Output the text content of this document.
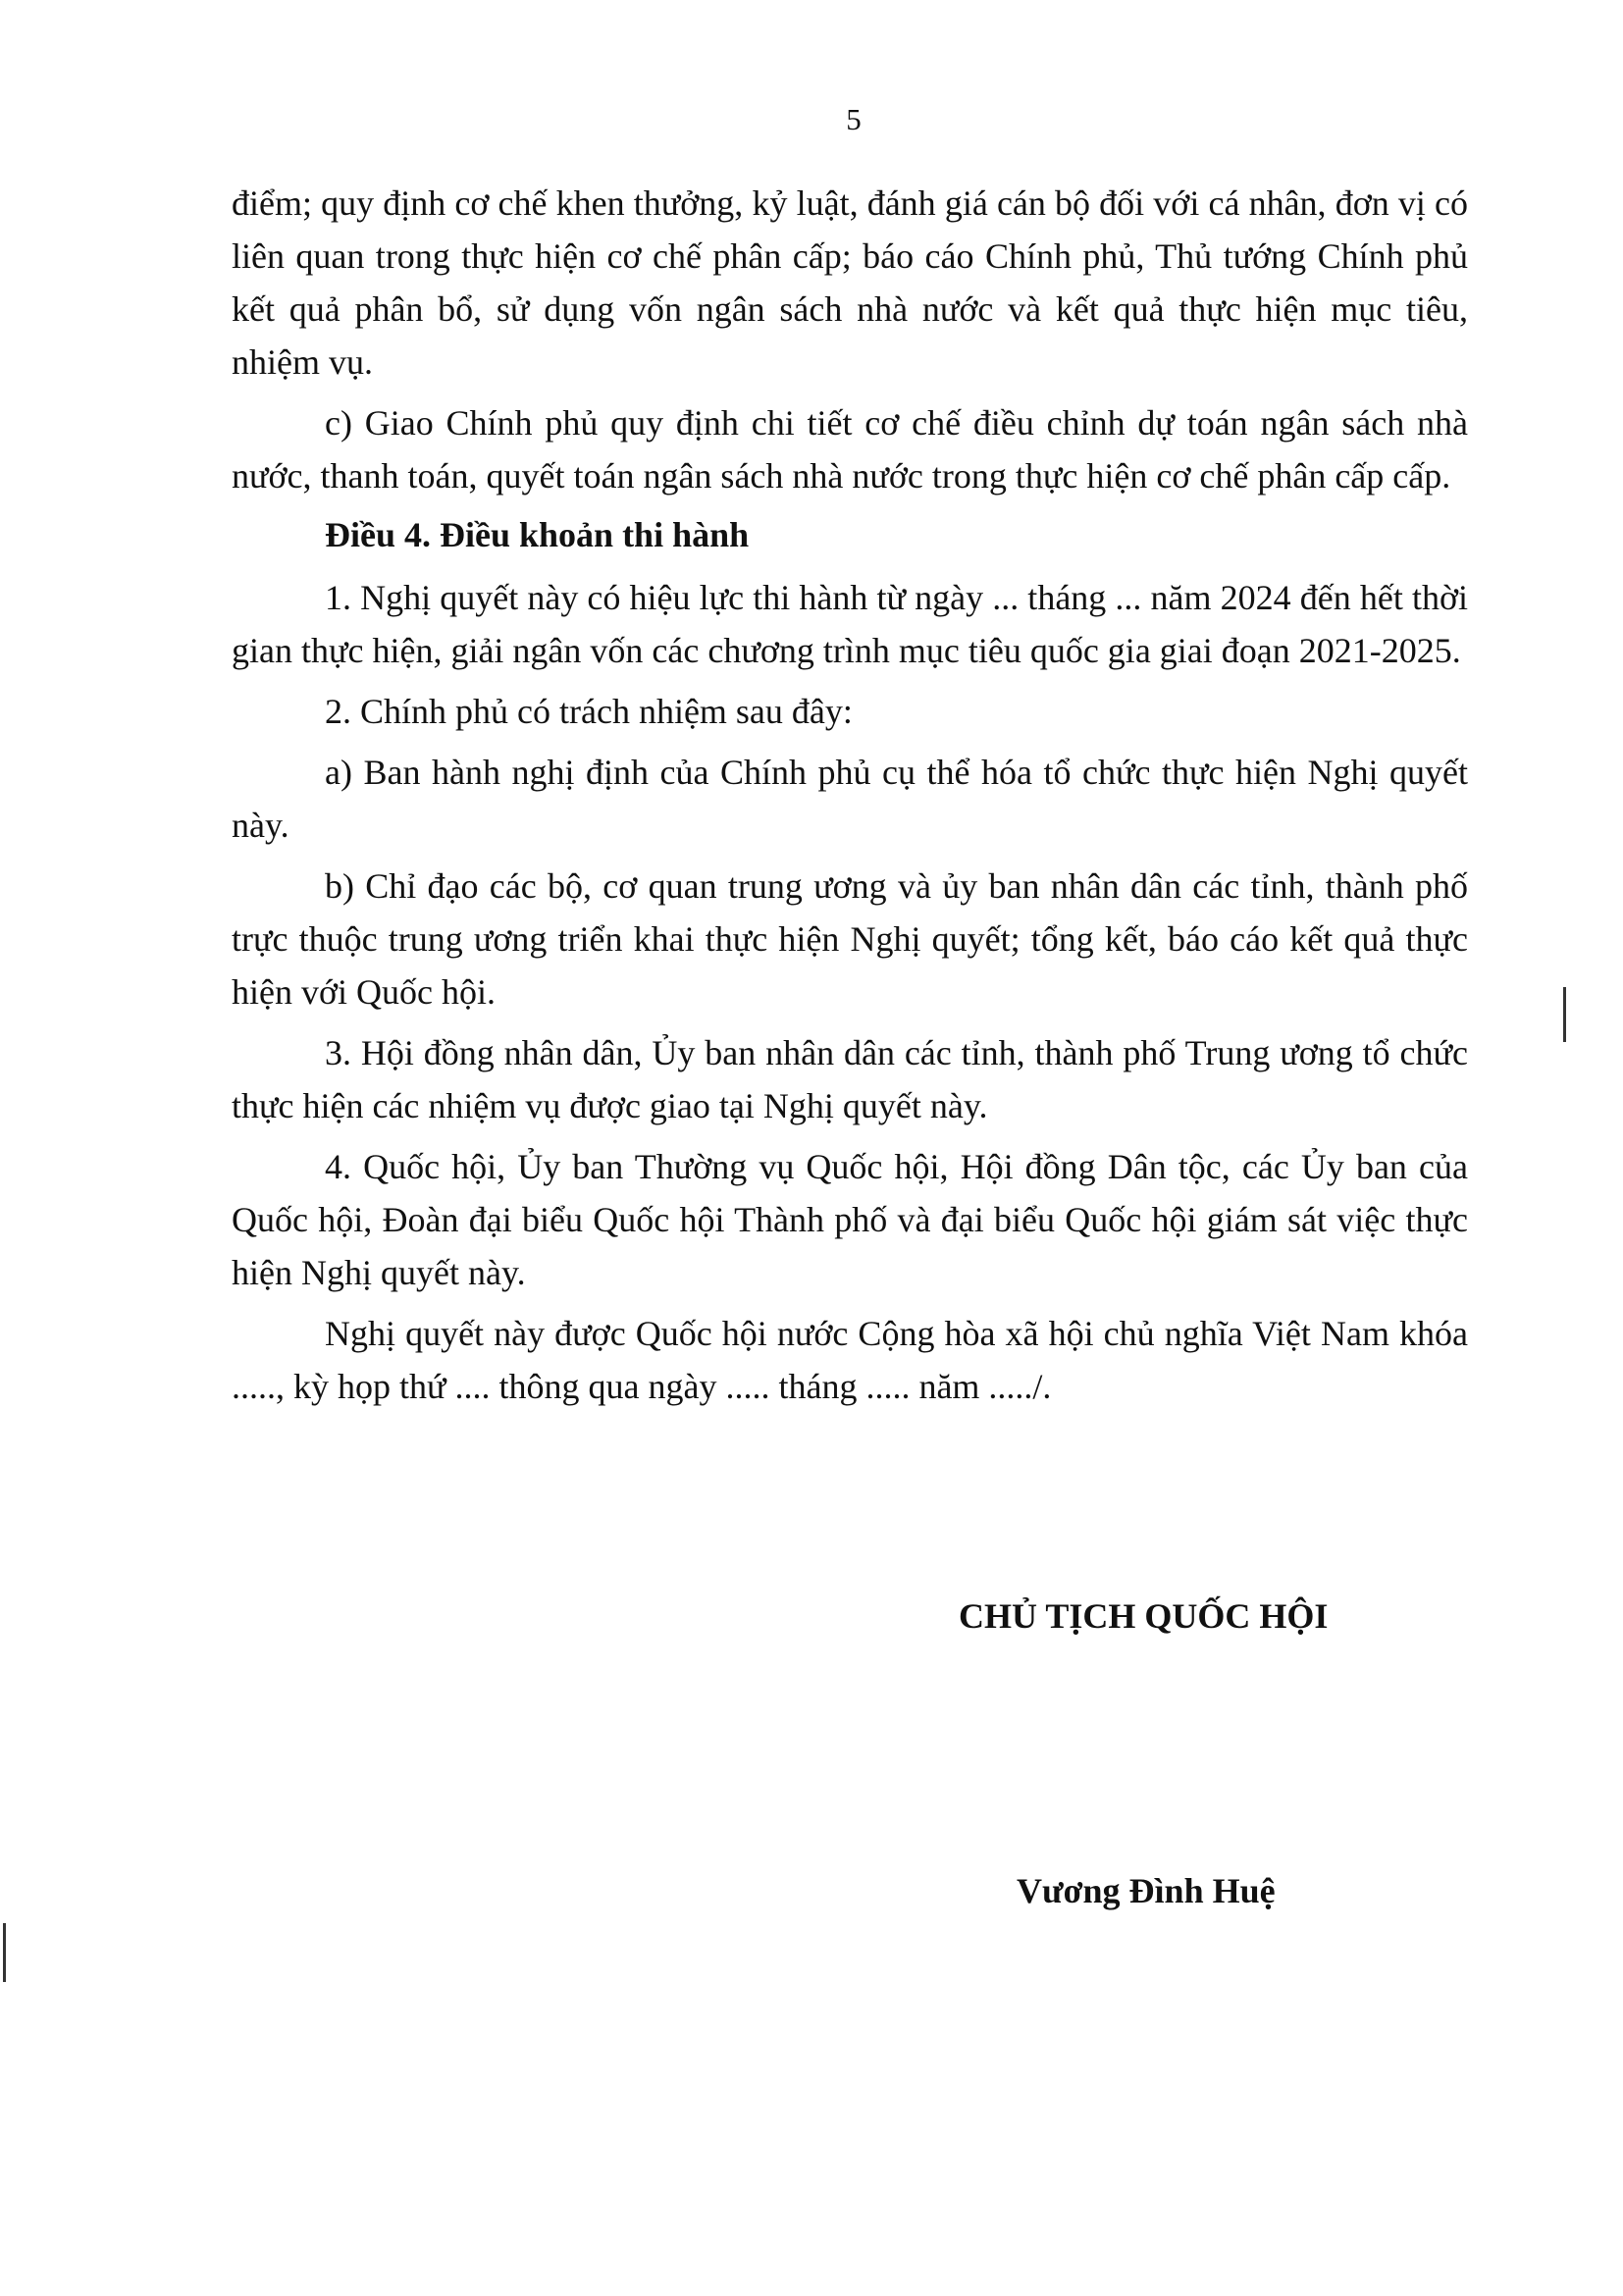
5

điểm; quy định cơ chế khen thưởng, kỷ luật, đánh giá cán bộ đối với cá nhân, đơn vị có liên quan trong thực hiện cơ chế phân cấp; báo cáo Chính phủ, Thủ tướng Chính phủ kết quả phân bổ, sử dụng vốn ngân sách nhà nước và kết quả thực hiện mục tiêu, nhiệm vụ.

c) Giao Chính phủ quy định chi tiết cơ chế điều chỉnh dự toán ngân sách nhà nước, thanh toán, quyết toán ngân sách nhà nước trong thực hiện cơ chế phân cấp cấp.

Điều 4. Điều khoản thi hành

1. Nghị quyết này có hiệu lực thi hành từ ngày ... tháng ... năm 2024 đến hết thời gian thực hiện, giải ngân vốn các chương trình mục tiêu quốc gia giai đoạn 2021-2025.

2. Chính phủ có trách nhiệm sau đây:

a) Ban hành nghị định của Chính phủ cụ thể hóa tổ chức thực hiện Nghị quyết này.

b) Chỉ đạo các bộ, cơ quan trung ương và ủy ban nhân dân các tỉnh, thành phố trực thuộc trung ương triển khai thực hiện Nghị quyết; tổng kết, báo cáo kết quả thực hiện với Quốc hội.

3. Hội đồng nhân dân, Ủy ban nhân dân các tỉnh, thành phố Trung ương tổ chức thực hiện các nhiệm vụ được giao tại Nghị quyết này.

4. Quốc hội, Ủy ban Thường vụ Quốc hội, Hội đồng Dân tộc, các Ủy ban của Quốc hội, Đoàn đại biểu Quốc hội Thành phố và đại biểu Quốc hội giám sát việc thực hiện Nghị quyết này.

Nghị quyết này được Quốc hội nước Cộng hòa xã hội chủ nghĩa Việt Nam khóa ....., kỳ họp thứ .... thông qua ngày ..... tháng ..... năm ...../.

CHỦ TỊCH QUỐC HỘI
Vương Đình Huệ
